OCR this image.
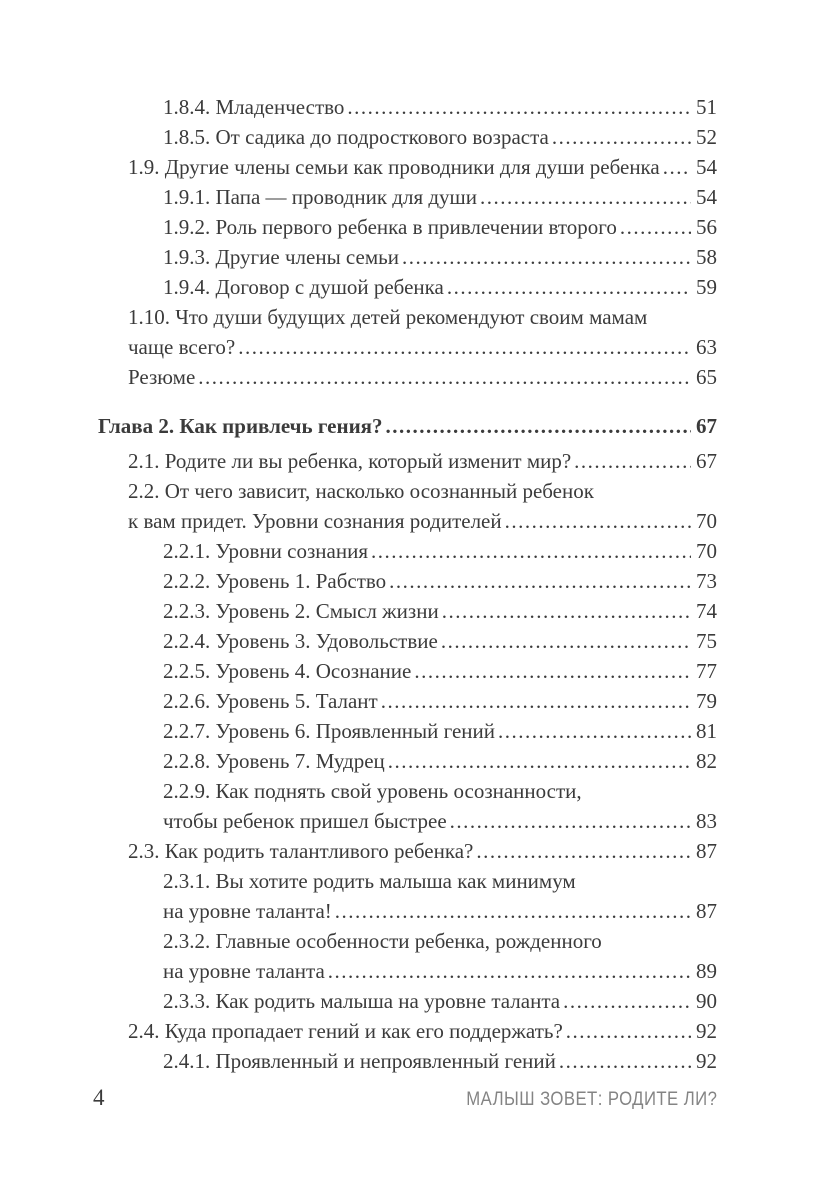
1.8.4. Младенчество .....	51
1.8.5. От садика до подросткового возраста .....	52
1.9. Другие члены семьи как проводники для души ребенка ..... 54
1.9.1. Папа — проводник для души .....	54
1.9.2. Роль первого ребенка в привлечении второго .....	56
1.9.3. Другие члены семьи .....	58
1.9.4. Договор с душой ребенка .....	59
1.10. Что души будущих детей рекомендуют своим мамам
чаще всего? .....	63
Резюме .....	65
Глава 2. Как привлечь гения? .....	67
2.1. Родите ли вы ребенка, который изменит мир? .....	67
2.2. От чего зависит, насколько осознанный ребенок
к вам придет. Уровни сознания родителей .....	70
2.2.1. Уровни сознания .....	70
2.2.2. Уровень 1. Рабство .....	73
2.2.3. Уровень 2. Смысл жизни .....	74
2.2.4. Уровень 3. Удовольствие .....	75
2.2.5. Уровень 4. Осознание .....	77
2.2.6. Уровень 5. Талант .....	79
2.2.7. Уровень 6. Проявленный гений .....	81
2.2.8. Уровень 7. Мудрец .....	82
2.2.9. Как поднять свой уровень осознанности,
чтобы ребенок пришел быстрее .....	83
2.3. Как родить талантливого ребенка? .....	87
2.3.1. Вы хотите родить малыша как минимум
на уровне таланта! .....	87
2.3.2. Главные особенности ребенка, рожденного
на уровне таланта .....	89
2.3.3. Как родить малыша на уровне таланта .....	90
2.4. Куда пропадает гений и как его поддержать? .....	92
2.4.1. Проявленный и непроявленный гений .....	92
4	МАЛЫШ ЗОВЕТ: РОДИТЕ ЛИ?
